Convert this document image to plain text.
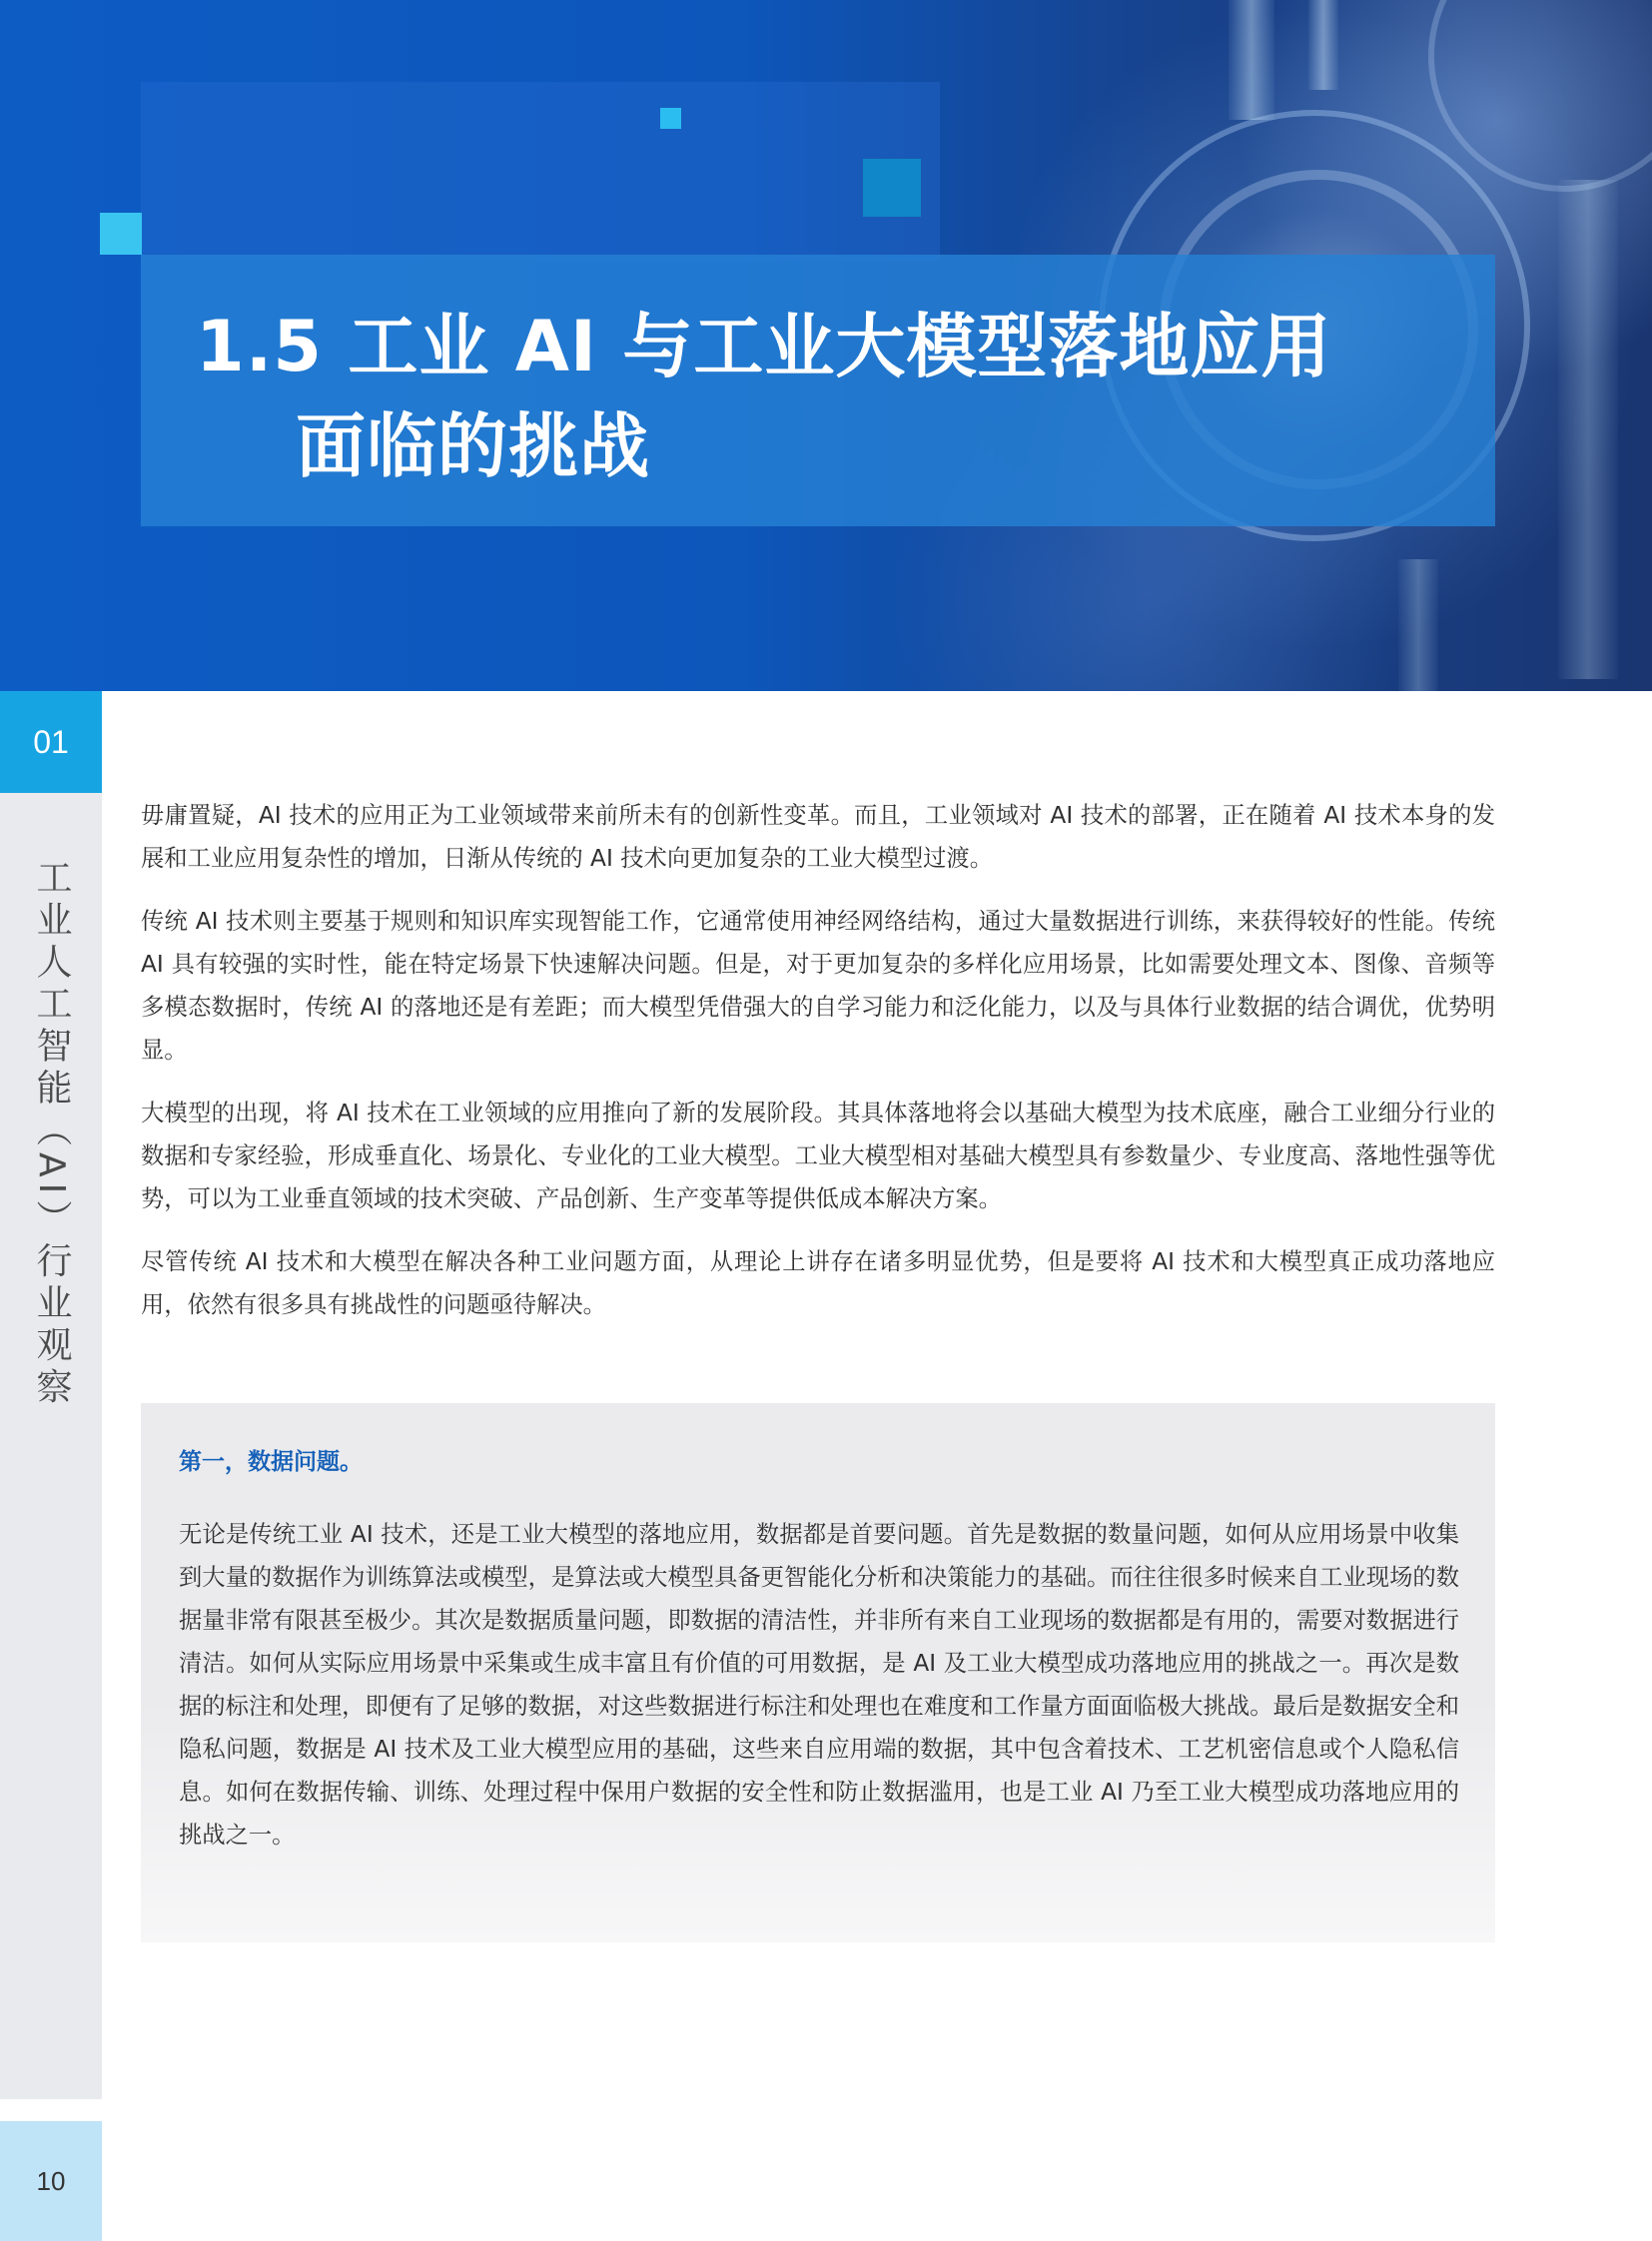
1.5 工业 AI 与工业大模型落地应用
面临的挑战
01
工业人工智能（AI）行业观察
10

毋庸置疑，AI 技术的应用正为工业领域带来前所未有的创新性变革。而且，工业领域对 AI 技术的部署，正在随着 AI 技术本身的发展和工业应用复杂性的增加，日渐从传统的 AI 技术向更加复杂的工业大模型过渡。

传统 AI 技术则主要基于规则和知识库实现智能工作，它通常使用神经网络结构，通过大量数据进行训练，来获得较好的性能。传统 AI 具有较强的实时性，能在特定场景下快速解决问题。但是，对于更加复杂的多样化应用场景，比如需要处理文本、图像、音频等多模态数据时，传统 AI 的落地还是有差距；而大模型凭借强大的自学习能力和泛化能力，以及与具体行业数据的结合调优，优势明显。

大模型的出现，将 AI 技术在工业领域的应用推向了新的发展阶段。其具体落地将会以基础大模型为技术底座，融合工业细分行业的数据和专家经验，形成垂直化、场景化、专业化的工业大模型。工业大模型相对基础大模型具有参数量少、专业度高、落地性强等优势，可以为工业垂直领域的技术突破、产品创新、生产变革等提供低成本解决方案。

尽管传统 AI 技术和大模型在解决各种工业问题方面，从理论上讲存在诸多明显优势，但是要将 AI 技术和大模型真正成功落地应用，依然有很多具有挑战性的问题亟待解决。

第一，数据问题。

无论是传统工业 AI 技术，还是工业大模型的落地应用，数据都是首要问题。首先是数据的数量问题，如何从应用场景中收集到大量的数据作为训练算法或模型，是算法或大模型具备更智能化分析和决策能力的基础。而往往很多时候来自工业现场的数据量非常有限甚至极少。其次是数据质量问题，即数据的清洁性，并非所有来自工业现场的数据都是有用的，需要对数据进行清洁。如何从实际应用场景中采集或生成丰富且有价值的可用数据，是 AI 及工业大模型成功落地应用的挑战之一。再次是数据的标注和处理，即便有了足够的数据，对这些数据进行标注和处理也在难度和工作量方面面临极大挑战。最后是数据安全和隐私问题，数据是 AI 技术及工业大模型应用的基础，这些来自应用端的数据，其中包含着技术、工艺机密信息或个人隐私信息。如何在数据传输、训练、处理过程中保用户数据的安全性和防止数据滥用，也是工业 AI 乃至工业大模型成功落地应用的挑战之一。
